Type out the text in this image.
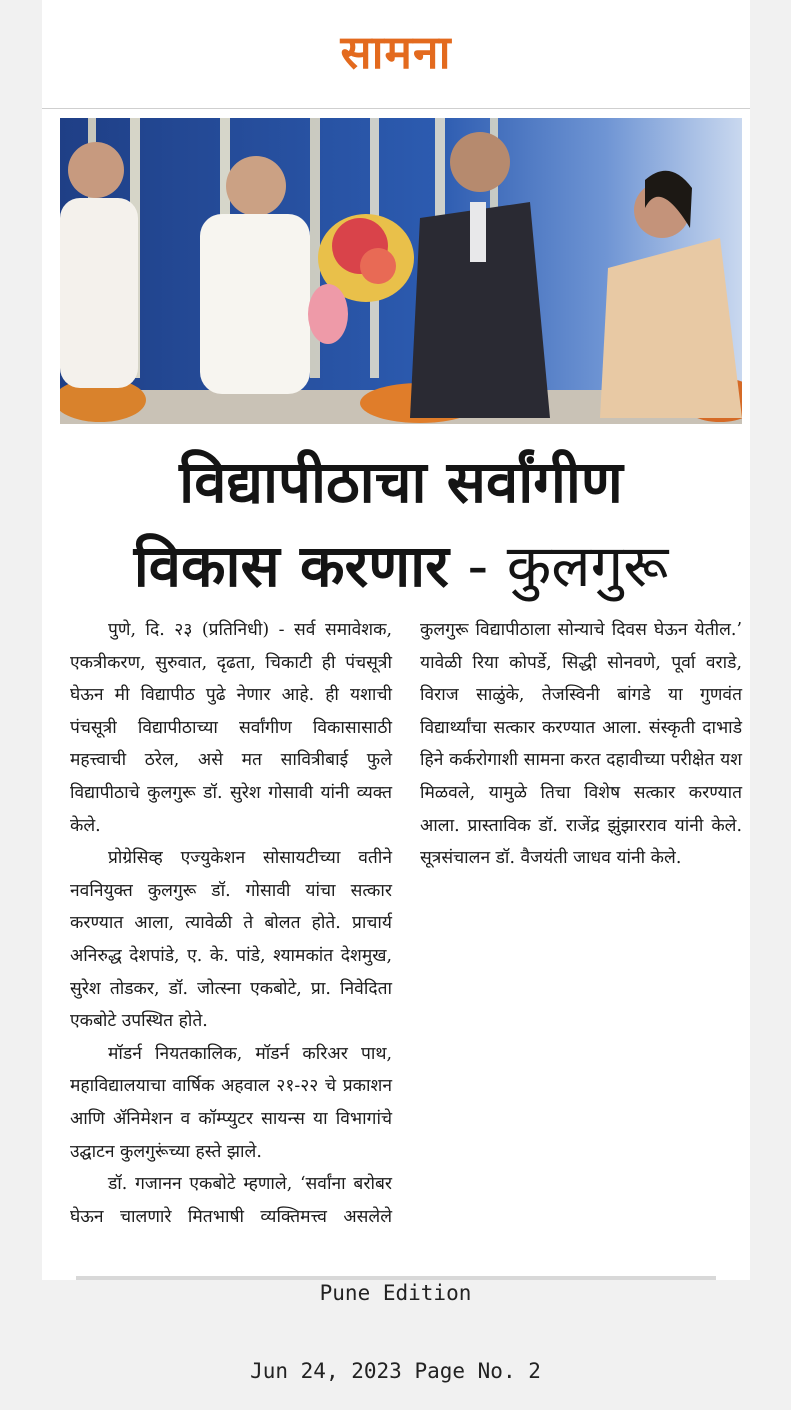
सामना
विद्यापीठाचा सर्वांगीण
विकास करणार - कुलगुरू

पुणे, दि. २३ (प्रतिनिधी) - सर्व समावेशक, एकत्रीकरण, सुरुवात, दृढता, चिकाटी ही पंचसूत्री घेऊन मी विद्यापीठ पुढे नेणार आहे. ही यशाची पंचसूत्री विद्यापीठाच्या सर्वांगीण विकासासाठी महत्त्वाची ठरेल, असे मत सावित्रीबाई फुले विद्यापीठाचे कुलगुरू डॉ. सुरेश गोसावी यांनी व्यक्त केले.

प्रोग्रेसिव्ह एज्युकेशन सोसायटीच्या वतीने नवनियुक्त कुलगुरू डॉ. गोसावी यांचा सत्कार करण्यात आला, त्यावेळी ते बोलत होते. प्राचार्य अनिरुद्ध देशपांडे, ए. के. पांडे, श्यामकांत देशमुख, सुरेश तोडकर, डॉ. जोत्स्ना एकबोटे, प्रा. निवेदिता एकबोटे उपस्थित होते.

मॉडर्न नियतकालिक, मॉडर्न करिअर पाथ, महाविद्यालयाचा वार्षिक अहवाल २१-२२ चे प्रकाशन आणि ॲनिमेशन व कॉम्प्युटर सायन्स या विभागांचे उद्घाटन कुलगुरूंच्या हस्ते झाले.

डॉ. गजानन एकबोटे म्हणाले, ‘सर्वांना बरोबर घेऊन चालणारे मितभाषी व्यक्तिमत्त्व असलेले कुलगुरू विद्यापीठाला सोन्याचे दिवस घेऊन येतील.’ यावेळी रिया कोपर्डे, सिद्धी सोनवणे, पूर्वा वराडे, विराज साळुंके, तेजस्विनी बांगडे या गुणवंत विद्यार्थ्यांचा सत्कार करण्यात आला. संस्कृती दाभाडे हिने कर्करोगाशी सामना करत दहावीच्या परीक्षेत यश मिळवले, यामुळे तिचा विशेष सत्कार करण्यात आला. प्रास्ताविक डॉ. राजेंद्र झुंझारराव यांनी केले. सूत्रसंचालन डॉ. वैजयंती जाधव यांनी केले.

Pune Edition

Jun 24, 2023 Page No. 2
